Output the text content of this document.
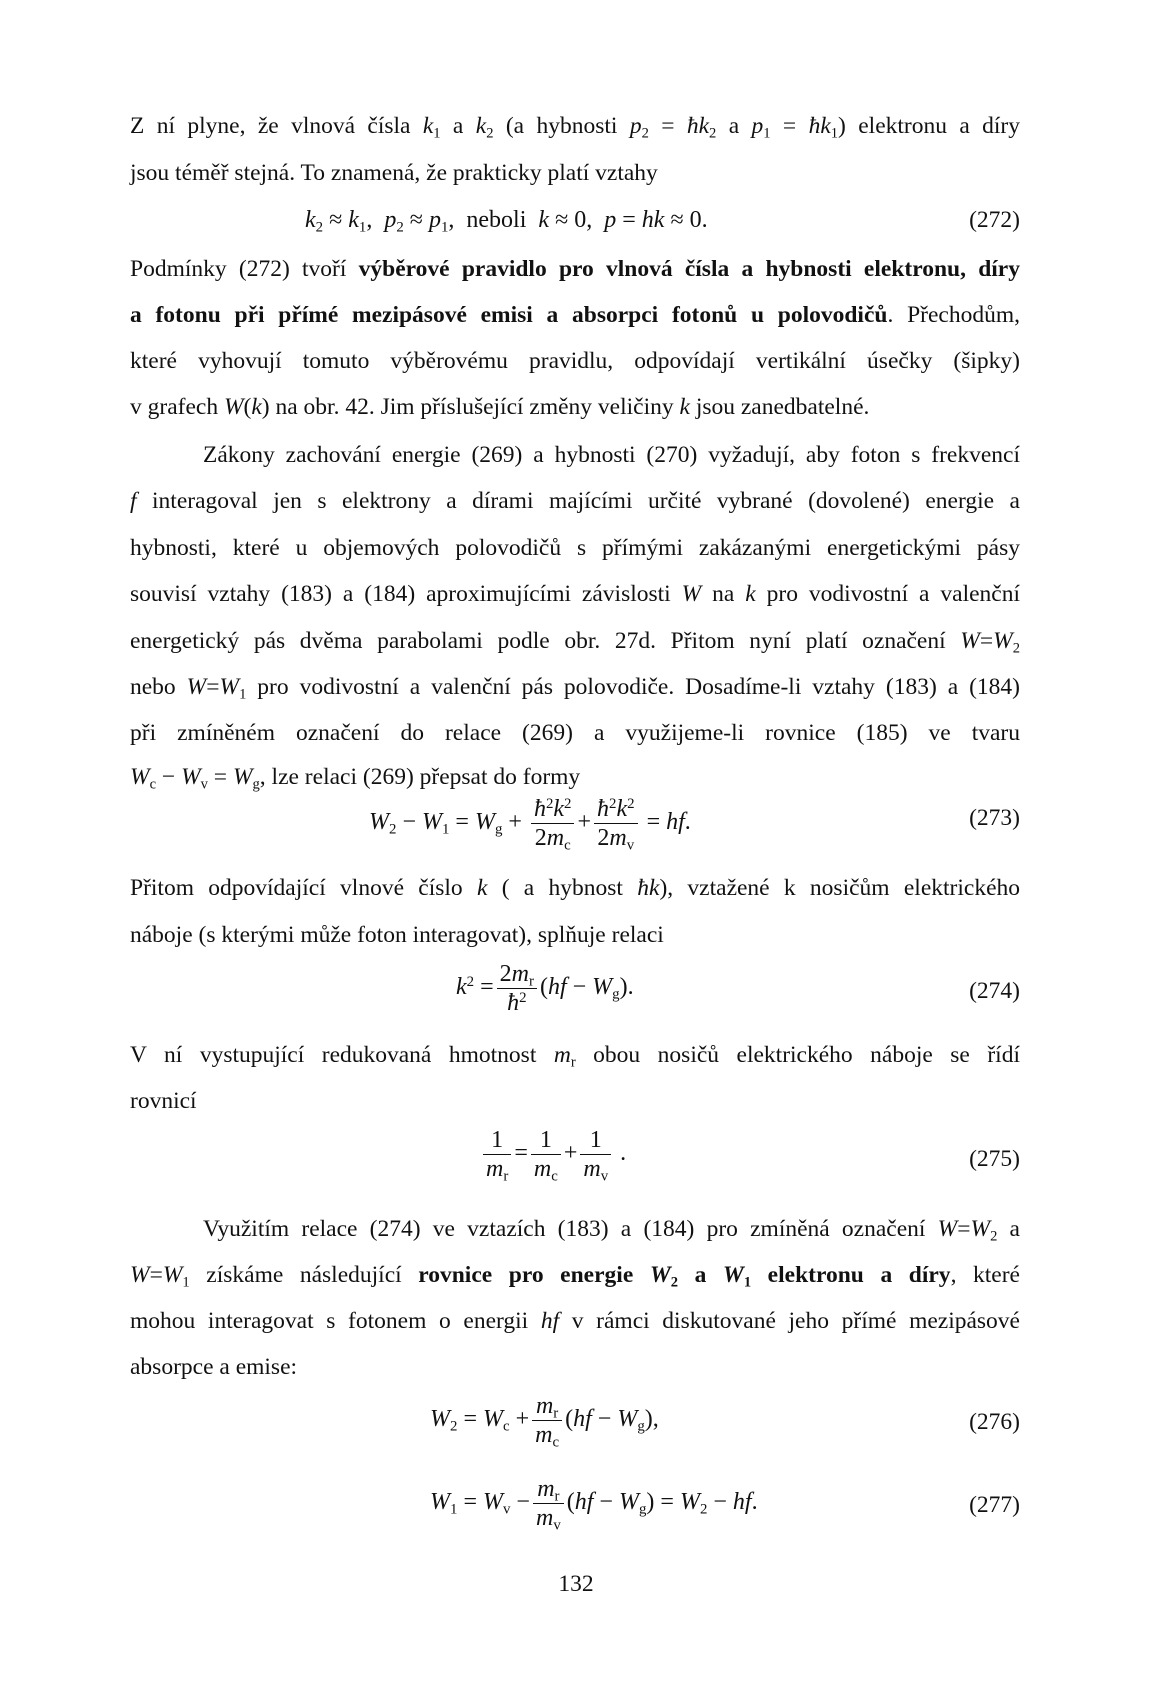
Z ní plyne, že vlnová čísla $k_1$ a $k_2$ (a hybnosti $p_2$ = $ħk_2$ a $p_1$ = $ħk_1$) elektronu a díry
jsou téměř stejná. To znamená, že prakticky platí vztahy
$k_2 \approx k_1$,  $p_2 \approx p_1$,  neboli k ≈ 0,  p = hk ≈ 0.	(272)
Podmínky (272) tvoří výběrové pravidlo pro vlnová čísla a hybnosti elektronu, díry
a fotonu při přímé mezipásové emisi a absorpci fotonů u polovodičů. Přechodům,
které vyhovují tomuto výběrovému pravidlu, odpovídají vertikální úsečky (šipky)
v grafech W(k) na obr. 42. Jim příslušející změny veličiny k jsou zanedbatelné.
Zákony zachování energie (269) a hybnosti (270) vyžadují, aby foton s frekvencí
f interagoval jen s elektrony a dírami majícími určité vybrané (dovolené) energie a
hybnosti, které u objemových polovodičů s přímými zakázanými energetickými pásy
souvisí vztahy (183) a (184) aproximujícími závislosti W na k pro vodivostní a valenční
energetický pás dvěma parabolami podle obr. 27d. Přitom nyní platí označení $W=W_2$
nebo $W=W_1$ pro vodivostní a valenční pás polovodiče. Dosadíme-li vztahy (183) a (184)
při zmíněném označení do relace (269) a využijeme-li rovnice (185) ve tvaru
$W_c - W_v = W_g$, lze relaci (269) přepsat do formy
$W_2 - W_1 = W_g + \frac{ħ^2k^2}{2m_c} + \frac{ħ^2k^2}{2m_v}$ = hf.	(273)
Přitom odpovídající vlnové číslo k ( a hybnost ħk), vztažené k nosičům elektrického
náboje (s kterými může foton interagovat), splňuje relaci
$k^2 = \frac{2m_r}{ħ^2} (hf - W_g)$.	(274)
V ní vystupující redukovaná hmotnost $m_r$ obou nosičů elektrického náboje se řídí
rovnicí
$\frac{1}{m_r} = \frac{1}{m_c} + \frac{1}{m_v}$ .	(275)
Využitím relace (274) ve vztazích (183) a (184) pro zmíněná označení $W=W_2$ a
$W=W_1$ získáme následující rovnice pro energie $W_2$ a $W_1$ elektronu a díry, které
mohou interagovat s fotonem o energii hf v rámci diskutované jeho přímé mezipásové
absorpce a emise:
$W_2 = W_c + \frac{m_r}{m_c} (hf - W_g)$,	(276)
$W_1 = W_v - \frac{m_r}{m_v} (hf - W_g) = W_2$ − hf.	(277)
132
